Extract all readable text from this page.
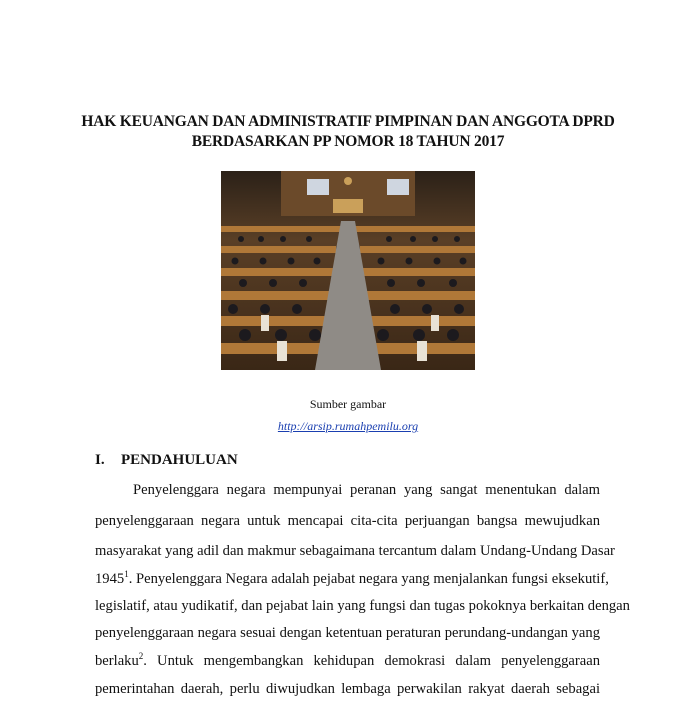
HAK KEUANGAN DAN ADMINISTRATIF PIMPINAN DAN ANGGOTA DPRD
BERDASARKAN PP NOMOR 18 TAHUN 2017
Sumber gambar
http://arsip.rumahpemilu.org
I. PENDAHULUAN
Penyelenggara negara mempunyai peranan yang sangat menentukan dalam
penyelenggaraan negara untuk mencapai cita-cita perjuangan bangsa mewujudkan
masyarakat yang adil dan makmur sebagaimana tercantum dalam Undang-Undang Dasar
1945$^1$. Penyelenggara Negara adalah pejabat negara yang menjalankan fungsi eksekutif,
legislatif, atau yudikatif, dan pejabat lain yang fungsi dan tugas pokoknya berkaitan dengan
penyelenggaraan negara sesuai dengan ketentuan peraturan perundang-undangan yang
berlaku$^2$. Untuk mengembangkan kehidupan demokrasi dalam penyelenggaraan
pemerintahan daerah, perlu diwujudkan lembaga perwakilan rakyat daerah sebagai
